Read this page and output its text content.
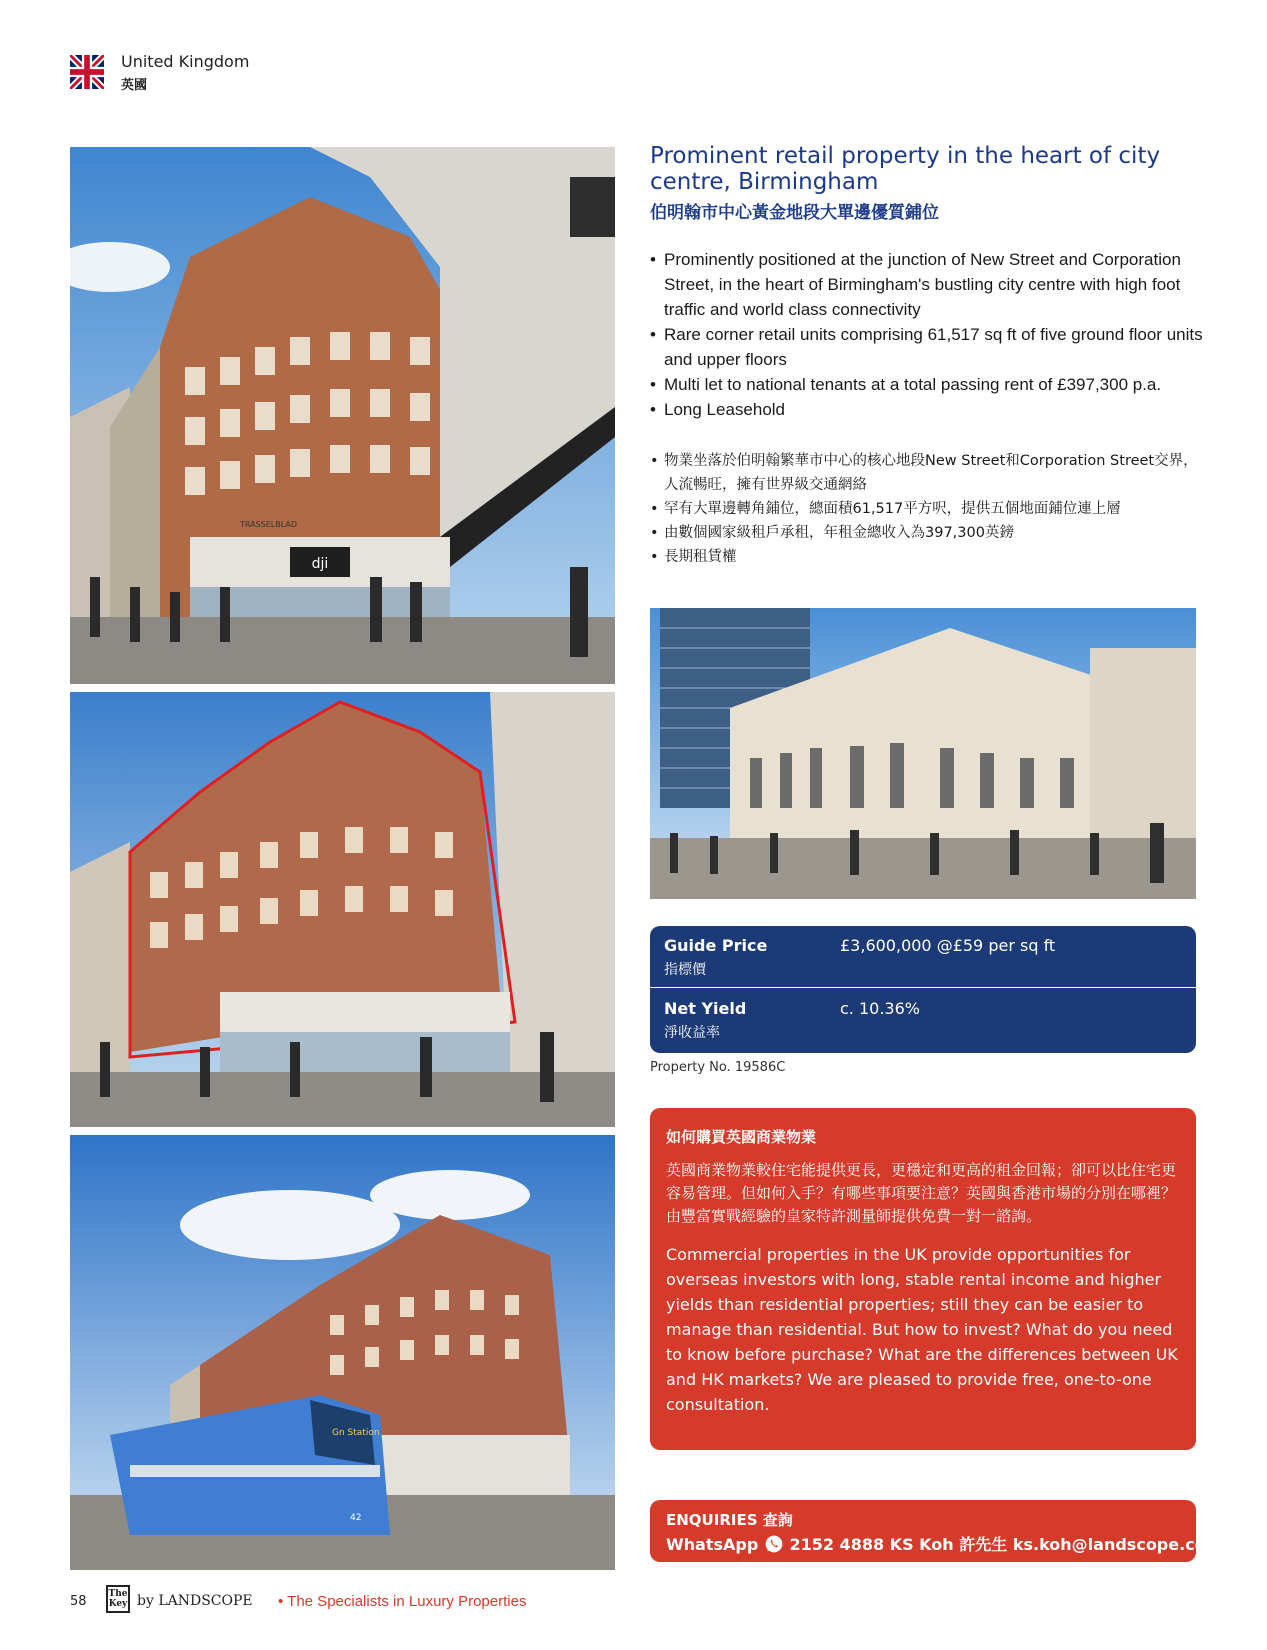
United Kingdom
英國
dji
TRASSELBLAD
Gn Station
42
Prominent retail property in the heart of city centre, Birmingham
伯明翰市中心黃金地段大單邊優質鋪位
• Prominently positioned at the junction of New Street and Corporation Street, in the heart of Birmingham's bustling city centre with high foot traffic and world class connectivity
• Rare corner retail units comprising 61,517 sq ft of five ground floor units and upper floors
• Multi let to national tenants at a total passing rent of £397,300 p.a.
• Long Leasehold
• 物業坐落於伯明翰繁華市中心的核心地段New Street和Corporation Street交界，人流暢旺，擁有世界級交通網絡
• 罕有大單邊轉角鋪位，總面積61,517平方呎，提供五個地面鋪位連上層
• 由數個國家級租戶承租，年租金總收入為397,300英鎊
• 長期租賃權
Guide Price
指標價
£3,600,000 @£59 per sq ft
Net Yield
淨收益率
c. 10.36%
Property No. 19586C
如何購買英國商業物業
英國商業物業較住宅能提供更長，更穩定和更高的租金回報；卻可以比住宅更容易管理。但如何入手？有哪些事項要注意？英國與香港市場的分別在哪裡？由豐富實戰經驗的皇家特許測量師提供免費一對一諮詢。
Commercial properties in the UK provide opportunities for overseas investors with long, stable rental income and higher yields than residential properties; still they can be easier to manage than residential. But how to invest? What do you need to know before purchase? What are the differences between UK and HK markets? We are pleased to provide free, one-to-one consultation.
ENQUIRIES 查詢
WhatsApp 2152 4888 KS Koh 許先生 ks.koh@landscope.com
58 The Key by LANDSCOPE • The Specialists in Luxury Properties
